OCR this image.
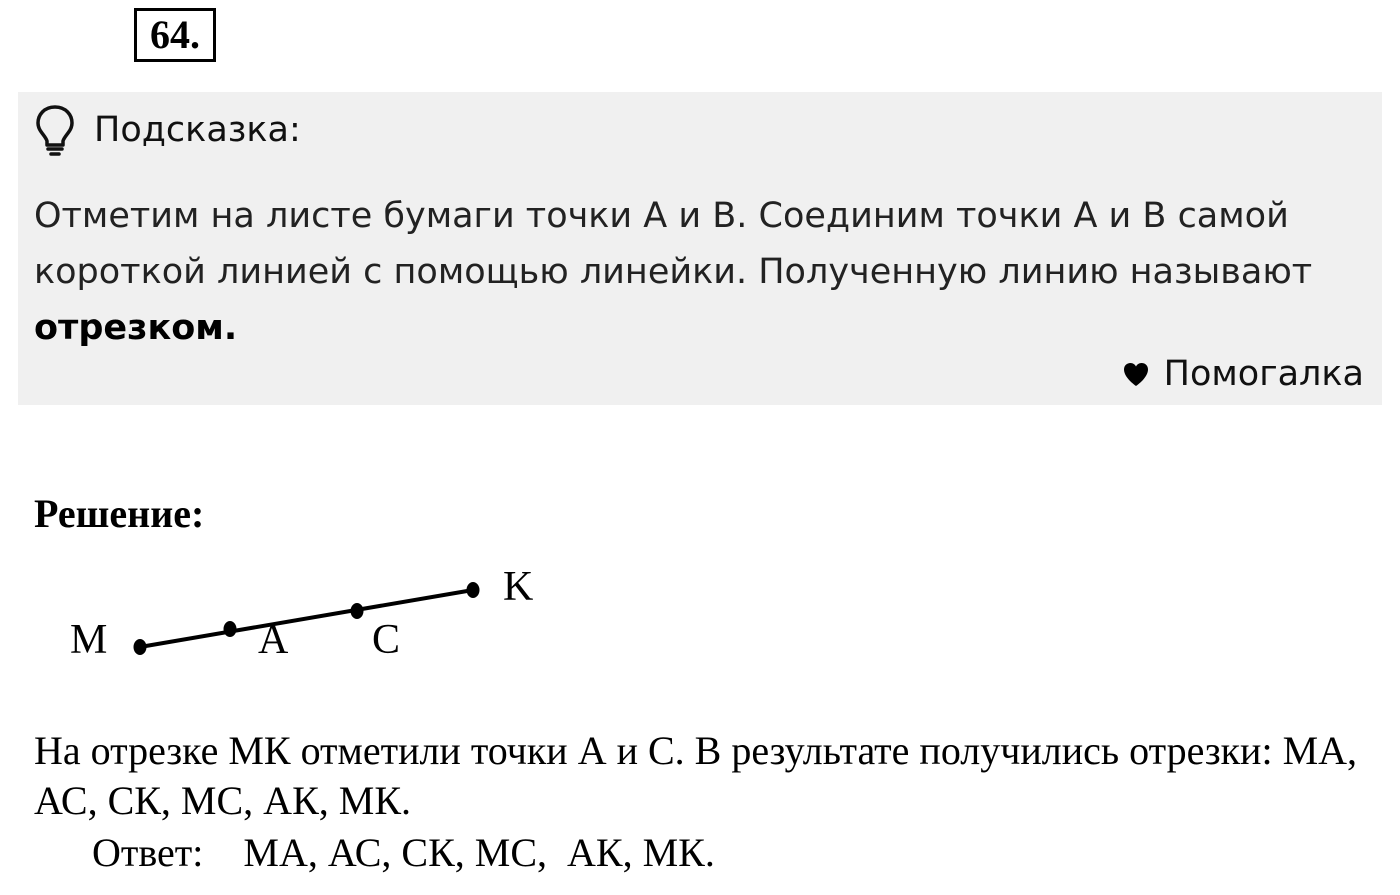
64.
Подсказка:

Отметим на листе бумаги точки А и В. Соединим точки А и В самой короткой линией с помощью линейки. Полученную линию называют отрезком.

Помогалка
Решение:
M	A C
K

На отрезке МК отметили точки А и С. В результате получились отрезки: МА, АС, СК, МС, АК, МК.

Ответ: МА, АС, СК, МС,  АК, МК.
